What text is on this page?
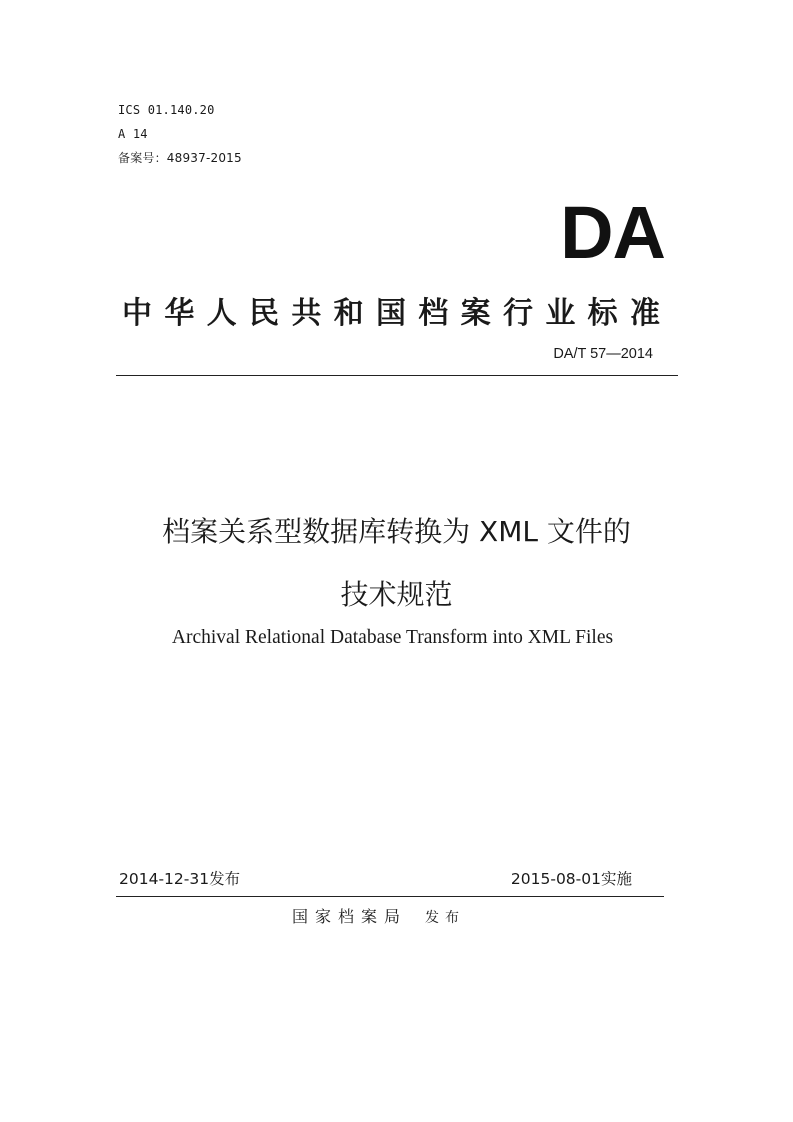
ICS 01.140.20
A 14
备案号：48937-2015
DA
中华人民共和国档案行业标准
DA/T 57—2014
档案关系型数据库转换为 XML 文件的
技术规范
Archival Relational Database Transform into XML Files
2014-12-31发布	2015-08-01实施
国家档案局 发布
